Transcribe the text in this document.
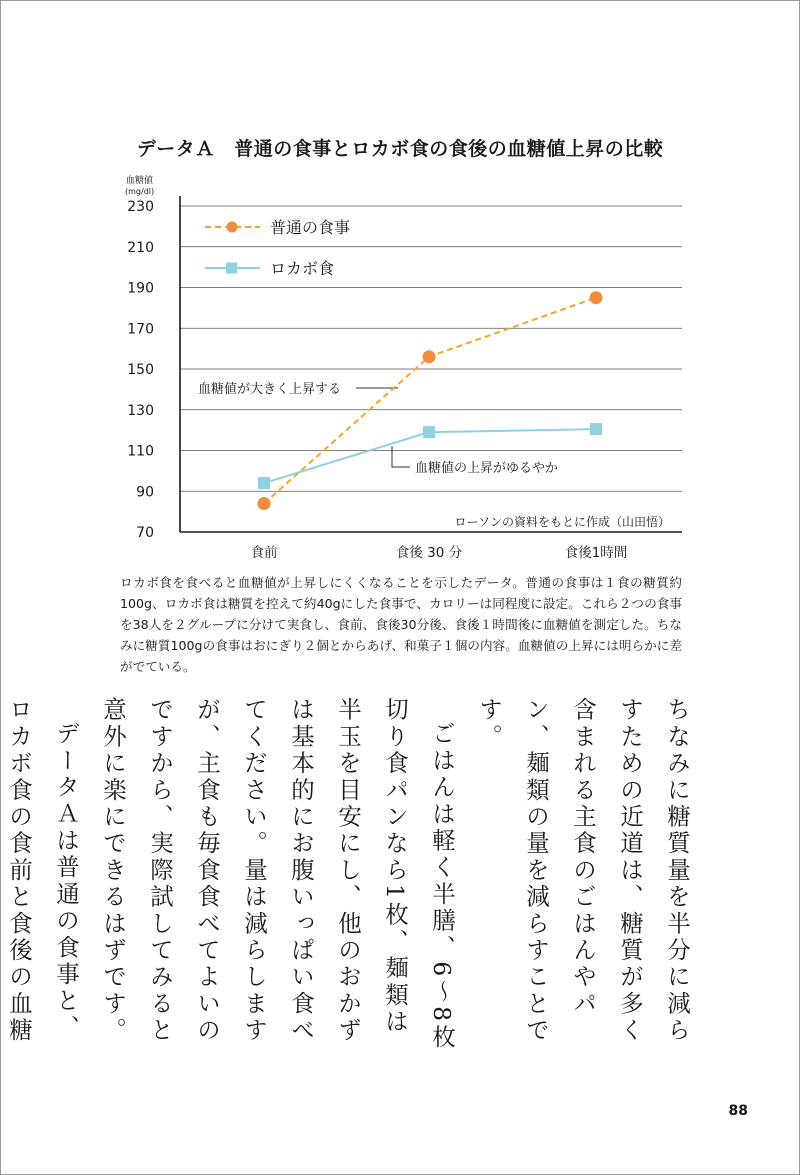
データＡ　普通の食事とロカボ食の食後の血糖値上昇の比較
70
90
110
130
150
170
190
210
230
血糖値
(mg/dl)
食前	食後 30 分	食後1時間
血糖値が大きく上昇する
血糖値の上昇がゆるやか
ローソンの資料をもとに作成（山田悟）
普通の食事
ロカボ食

ロカボ食を食べると血糖値が上昇しにくくなることを示したデータ。普通の食事は１食の糖質約100g、ロカボ食は糖質を控えて約40gにした食事で、カロリーは同程度に設定。これら２つの食事を38人を２グループに分けて実食し、食前、食後30分後、食後１時間後に血糖値を測定した。ちなみに糖質100gの食事はおにぎり２個とからあげ、和菓子１個の内容。血糖値の上昇には明らかに差がでている。

ちなみに糖質量を半分に減らすための近道は、糖質が多く含まれる主食のごはんやパン、麺類の量を減らすことです。

ごはんは軽く半膳、6～8枚切り食パンなら1枚、麺類は半玉を目安にし、他のおかずは基本的にお腹いっぱい食べてください。量は減らしますが、主食も毎食食べてよいのですから、実際試してみると意外に楽にできるはずです。

データＡは普通の食事と、ロカボ食の食前と食後の血糖

88
